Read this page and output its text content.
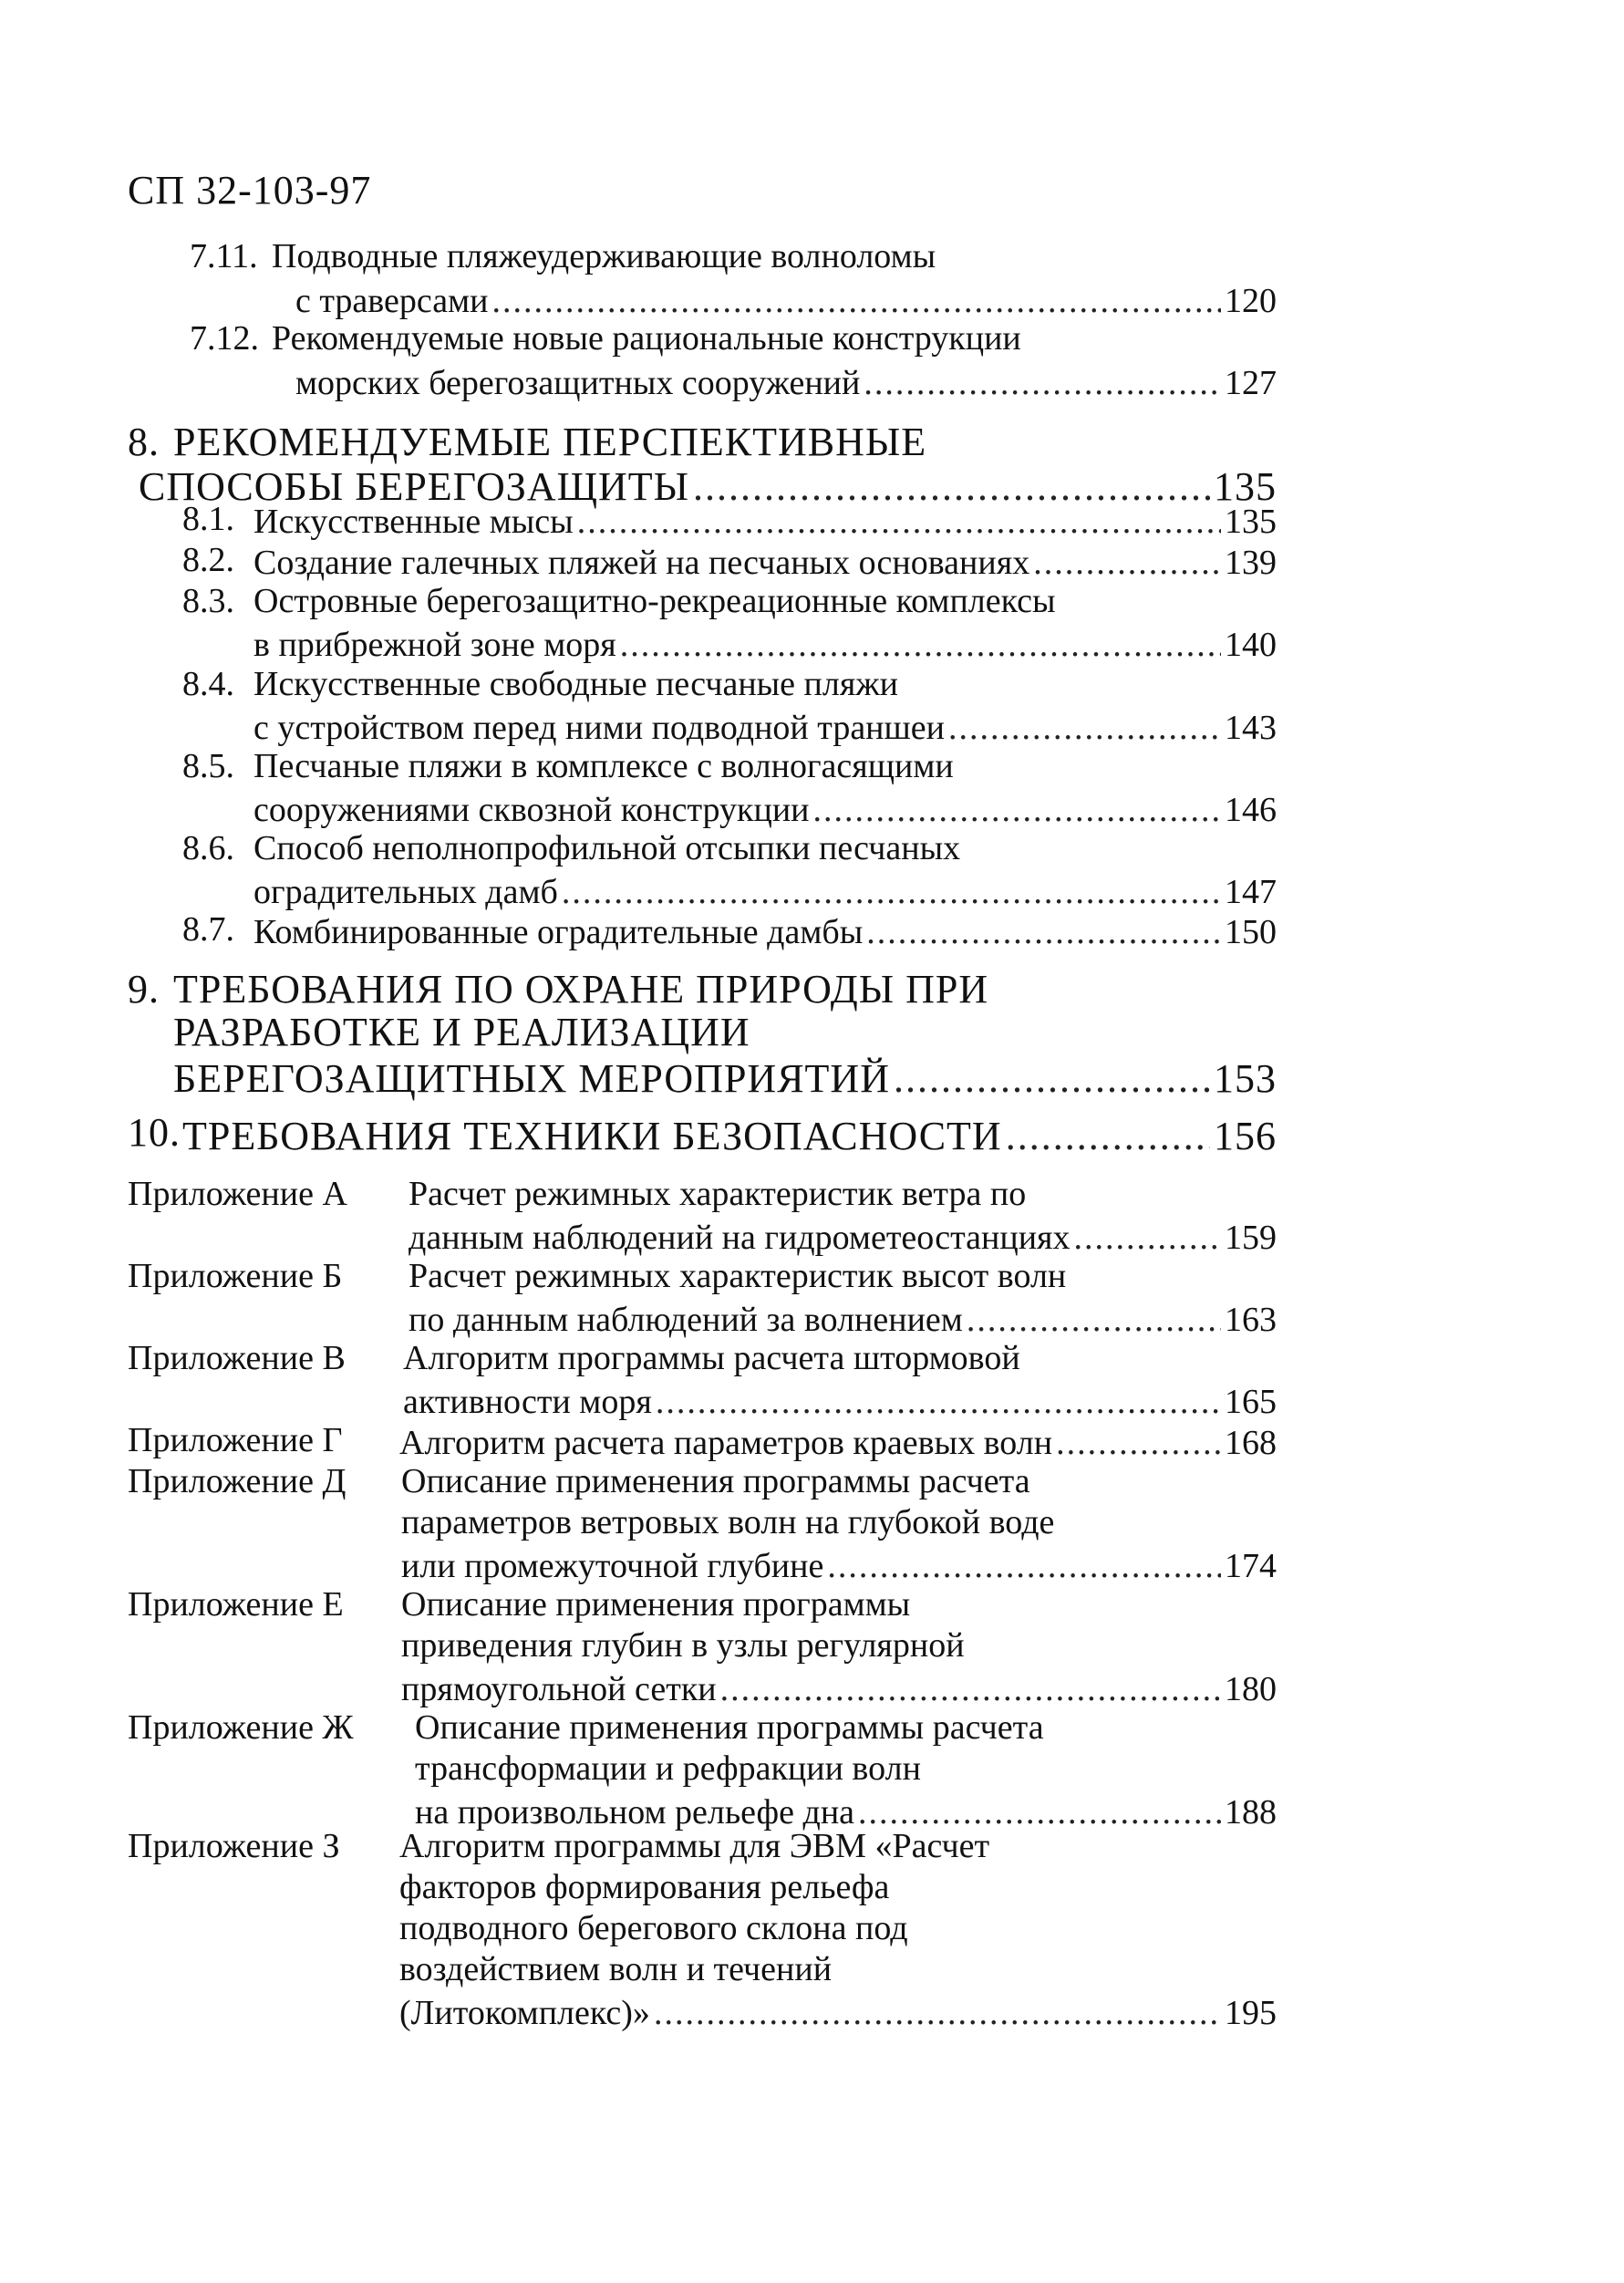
СП 32-103-97
7.11. Подводные пляжеудерживающие волноломы
с траверсами .....	120
7.12. Рекомендуемые новые рациональные конструкции
морских берегозащитных сооружений .....	127
8. РЕКОМЕНДУЕМЫЕ ПЕРСПЕКТИВНЫЕ
СПОСОБЫ БЕРЕГОЗАЩИТЫ .....	135
8.1. Искусственные мысы .....	135
8.2. Создание галечных пляжей на песчаных основаниях .....	139
8.3. Островные берегозащитно-рекреационные комплексы
в прибрежной зоне моря .....	140
8.4. Искусственные свободные песчаные пляжи
с устройством перед ними подводной траншеи .....	143
8.5. Песчаные пляжи в комплексе с волногасящими
сооружениями сквозной конструкции .....	146
8.6. Способ неполнопрофильной отсыпки песчаных
оградительных дамб .....	147
8.7. Комбинированные оградительные дамбы .....	150
9. ТРЕБОВАНИЯ ПО ОХРАНЕ ПРИРОДЫ ПРИ
РАЗРАБОТКЕ И РЕАЛИЗАЦИИ
БЕРЕГОЗАЩИТНЫХ МЕРОПРИЯТИЙ .....	153
10. ТРЕБОВАНИЯ ТЕХНИКИ БЕЗОПАСНОСТИ .....	156
Приложение А Расчет режимных характеристик ветра по
данным наблюдений на гидрометеостанциях .....	159
Приложение Б Расчет режимных характеристик высот волн
по данным наблюдений за волнением .....	163
Приложение В Алгоритм программы расчета штормовой
активности моря .....	165
Приложение Г Алгоритм расчета параметров краевых волн .....	168
Приложение Д Описание применения программы расчета
параметров ветровых волн на глубокой воде
или промежуточной глубине .....	174
Приложение Е Описание применения программы
приведения глубин в узлы регулярной
прямоугольной сетки .....	180
Приложение Ж Описание применения программы расчета
трансформации и рефракции волн
на произвольном рельефе дна .....	188
Приложение З Алгоритм программы для ЭВМ «Расчет
факторов формирования рельефа
подводного берегового склона под
воздействием волн и течений
(Литокомплекс)» .....	195
